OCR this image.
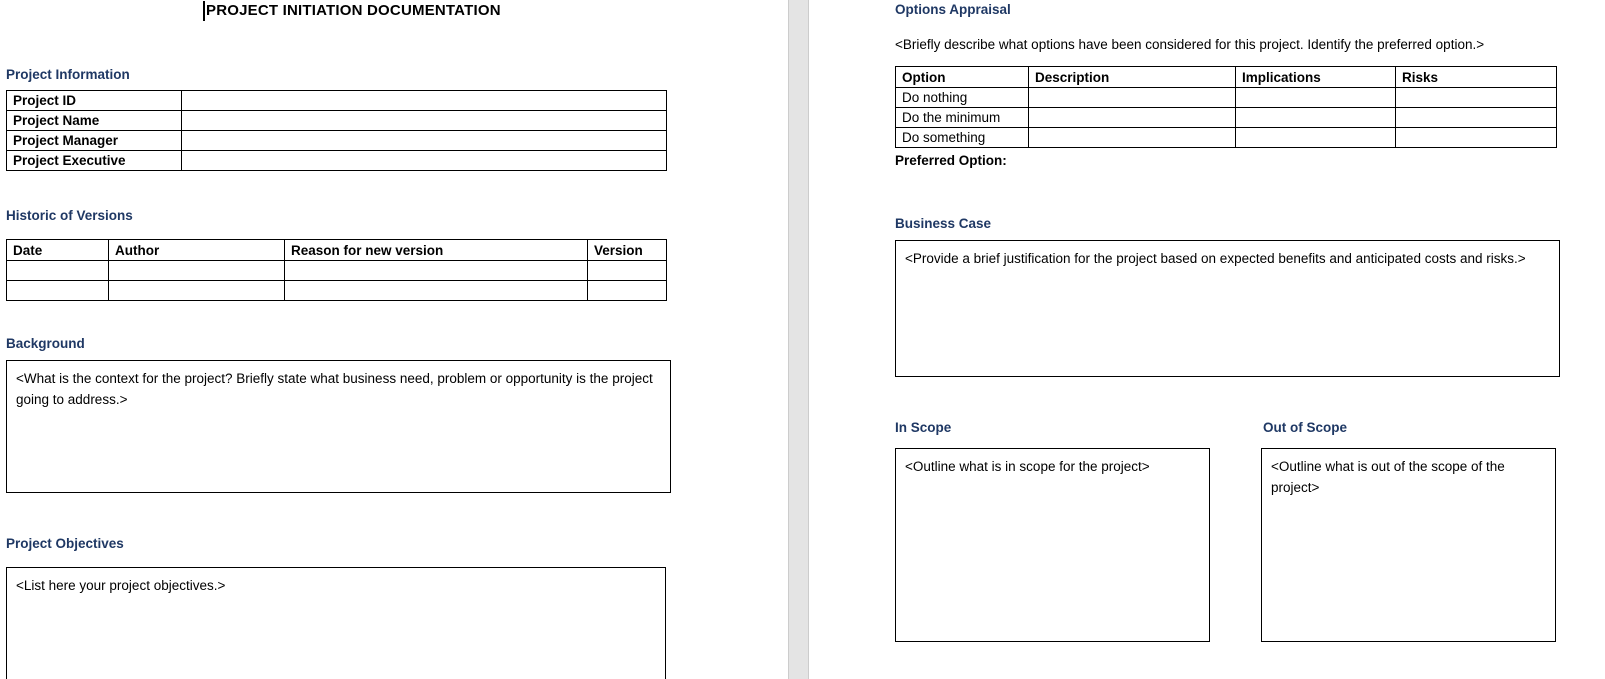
PROJECT INITIATION DOCUMENTATION
Project Information
Project ID	
Project Name	
Project Manager	
Project Executive	
Historic of Versions
Date	Author	Reason for new version	Version

Background
<What is the context for the project? Briefly state what business need, problem or opportunity is the project going to address.>
Project Objectives
<List here your project objectives.>
Options Appraisal
<Briefly describe what options have been considered for this project. Identify the preferred option.>
Option	Description	Implications	Risks
Do nothing			
Do the minimum			
Do something			
Preferred Option:
Business Case
<Provide a brief justification for the project based on expected benefits and anticipated costs and risks.>
In Scope	Out of Scope
<Outline what is in scope for the project>	<Outline what is out of the scope of the project>
